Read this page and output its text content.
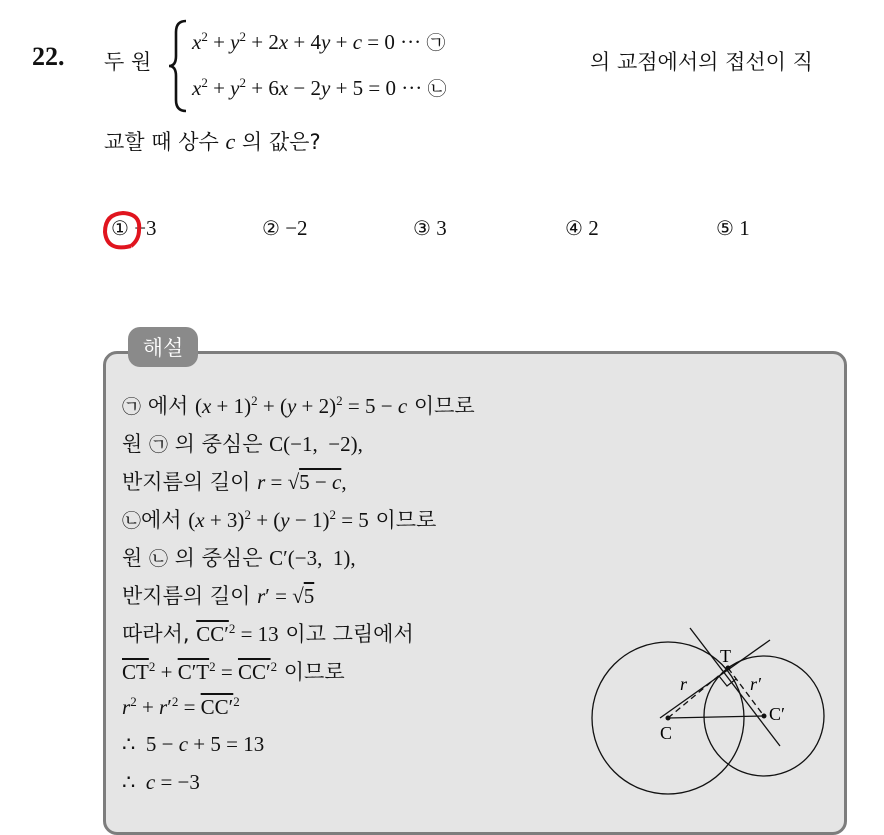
22. 두 원
$x^2 + y^2 + 2x + 4y + c = 0$ ··· ㉠
$x^2 + y^2 + 6x - 2y + 5 = 0$ ··· ㉡
의 교점에서의 접선이 직
교할 때 상수 c 의 값은?
① −3	② −2	③ 3	④ 2	⑤ 1
해설
㉠ 에서 $(x + 1)^2 + (y + 2)^2 = 5 - c$ 이므로
원 ㉠ 의 중심은 C(−1,  −2),
반지름의 길이 r = √5 − c,
㉡에서 $(x + 3)^2 + (y - 1)^2 = 5$ 이므로
원 ㉡ 의 중심은 C′(−3,  1),
반지름의 길이 r′ = √5
따라서, $CC'^2 = 13$ 이고 그림에서
$\overline{CT}^2 + C'T^2 = CC'^2$ 이므로
$r^2 + r'^2 = CC'^2$
∴  5 − c + 5 = 13
∴  c = −3
T
C
C′
r	r′
